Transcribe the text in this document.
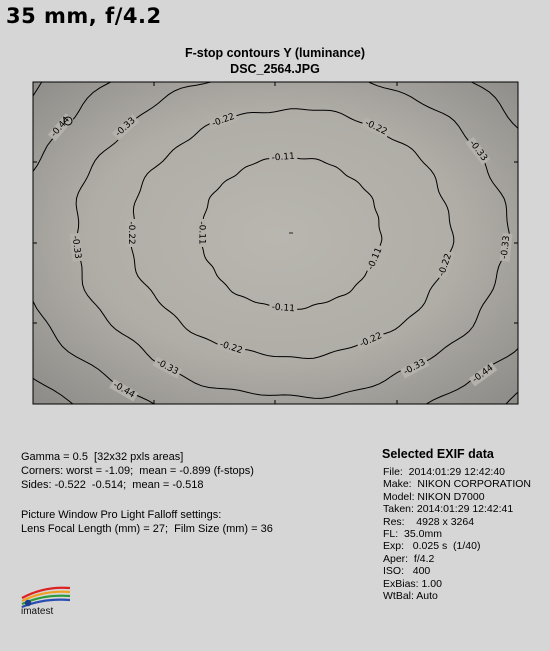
35 mm, f/4.2
F-stop contours Y (luminance)
DSC_2564.JPG
-0.11
-0.11
-0.11
-0.11
-0.22	-0.22
-0.22
-0.22
-0.22	-0.22
-0.33
-0.33
-0.33	-0.33
-0.33	-0.33
-0.44
-0.44
-0.44
Gamma = 0.5  [32x32 pxls areas]
Corners: worst = -1.09;  mean = -0.899 (f-stops)
Sides: -0.522  -0.514;  mean = -0.518
Picture Window Pro Light Falloff settings:
Lens Focal Length (mm) = 27;  Film Size (mm) = 36
Selected EXIF data
File:  2014:01:29 12:42:40
Make:  NIKON CORPORATION
Model: NIKON D7000
Taken: 2014:01:29 12:42:41
Res:    4928 x 3264
FL:  35.0mm
Exp:   0.025 s  (1/40)
Aper:  f/4.2
ISO:   400
ExBias: 1.00
WtBal: Auto
imatest
